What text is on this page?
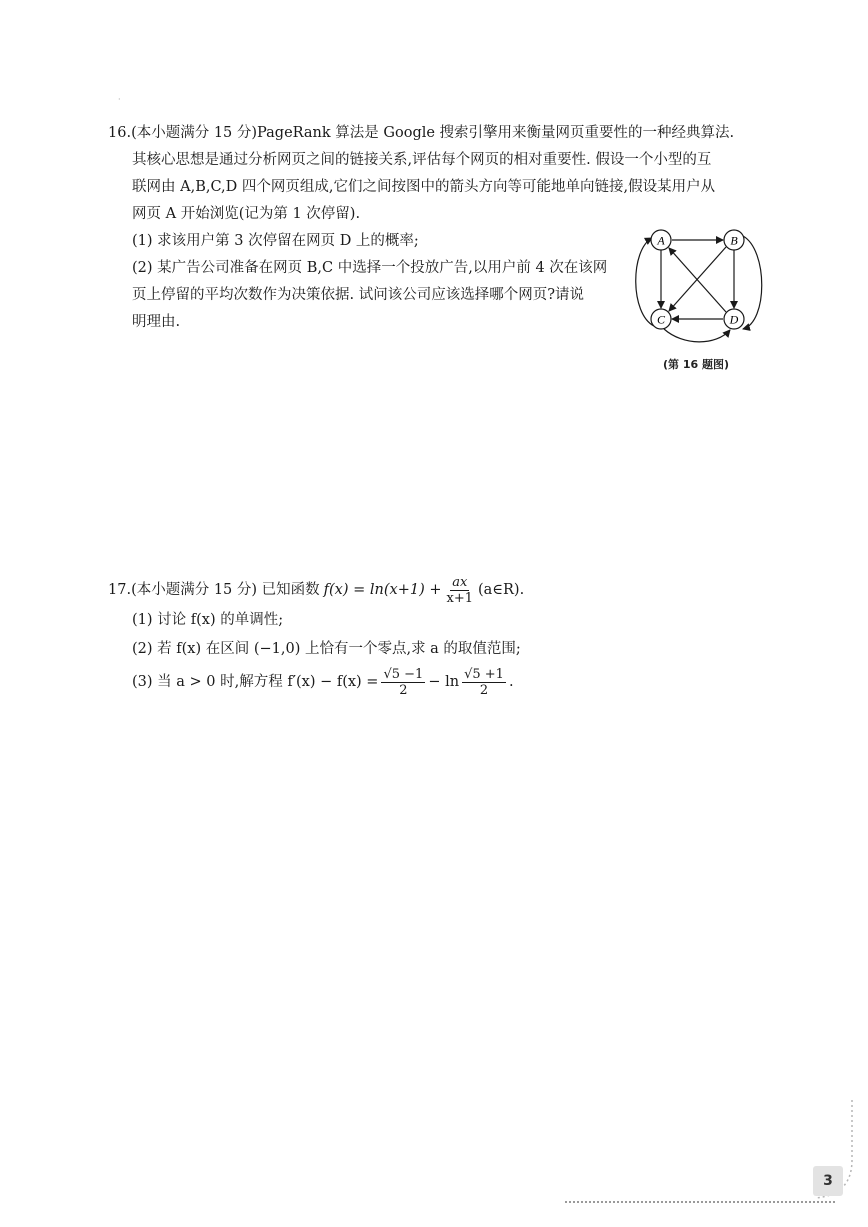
·
16.(本小题满分 15 分)PageRank 算法是 Google 搜索引擎用来衡量网页重要性的一种经典算法.
其核心思想是通过分析网页之间的链接关系,评估每个网页的相对重要性. 假设一个小型的互
联网由 A,B,C,D 四个网页组成,它们之间按图中的箭头方向等可能地单向链接,假设某用户从
网页 A 开始浏览(记为第 1 次停留).
(1) 求该用户第 3 次停留在网页 D 上的概率;
(2) 某广告公司准备在网页 B,C 中选择一个投放广告,以用户前 4 次在该网
页上停留的平均次数作为决策依据. 试问该公司应该选择哪个网页?请说
明理由.
A	B
C	D
(第 16 题图)
17. (本小题满分 15 分) 已知函数 $f(x) = \ln(x+1) + \frac{ax}{x+1}$ (a∈R).
(1) 讨论 f(x) 的单调性;
(2) 若 f(x) 在区间 (−1,0) 上恰有一个零点,求 a 的取值范围;
(3) 当 a > 0 时,解方程 $f'(x) - f(x) = \frac{√5 -1}{2} - \ln \frac{√5 +1}{2}$ .
3
